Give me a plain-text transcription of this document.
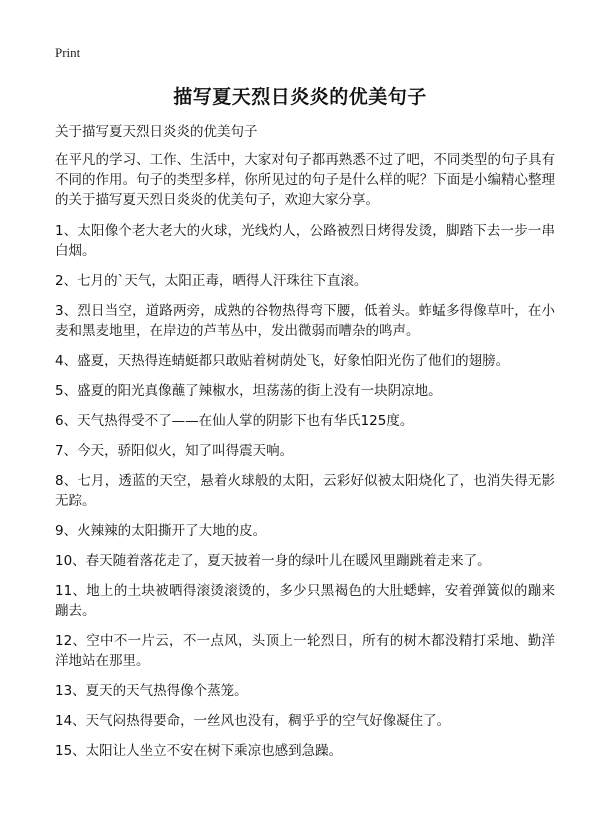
Print
描写夏天烈日炎炎的优美句子

关于描写夏天烈日炎炎的优美句子

在平凡的学习、工作、生活中，大家对句子都再熟悉不过了吧，不同类型的句子具有不同的作用。句子的类型多样，你所见过的句子是什么样的呢？下面是小编精心整理的关于描写夏天烈日炎炎的优美句子，欢迎大家分享。

1、太阳像个老大老大的火球，光线灼人，公路被烈日烤得发烫，脚踏下去一步一串白烟。

2、七月的`天气，太阳正毒，晒得人汗珠往下直滚。

3、烈日当空，道路两旁，成熟的谷物热得弯下腰，低着头。蚱蜢多得像草叶，在小麦和黑麦地里，在岸边的芦苇丛中，发出微弱而嘈杂的鸣声。

4、盛夏，天热得连蜻蜓都只敢贴着树荫处飞，好象怕阳光伤了他们的翅膀。

5、盛夏的阳光真像蘸了辣椒水，坦荡荡的街上没有一块阴凉地。

6、天气热得受不了——在仙人掌的阴影下也有华氏125度。

7、今天，骄阳似火，知了叫得震天响。

8、七月，透蓝的天空，悬着火球般的太阳，云彩好似被太阳烧化了，也消失得无影无踪。

9、火辣辣的太阳撕开了大地的皮。

10、春天随着落花走了，夏天披着一身的绿叶儿在暖风里蹦跳着走来了。

11、地上的土块被晒得滚烫滚烫的，多少只黑褐色的大肚蟋蟀，安着弹簧似的蹦来蹦去。

12、空中不一片云，不一点风，头顶上一轮烈日，所有的树木都没精打采地、勤洋洋地站在那里。

13、夏天的天气热得像个蒸笼。

14、天气闷热得要命，一丝风也没有，稠乎乎的空气好像凝住了。

15、太阳让人坐立不安在树下乘凉也感到急躁。
